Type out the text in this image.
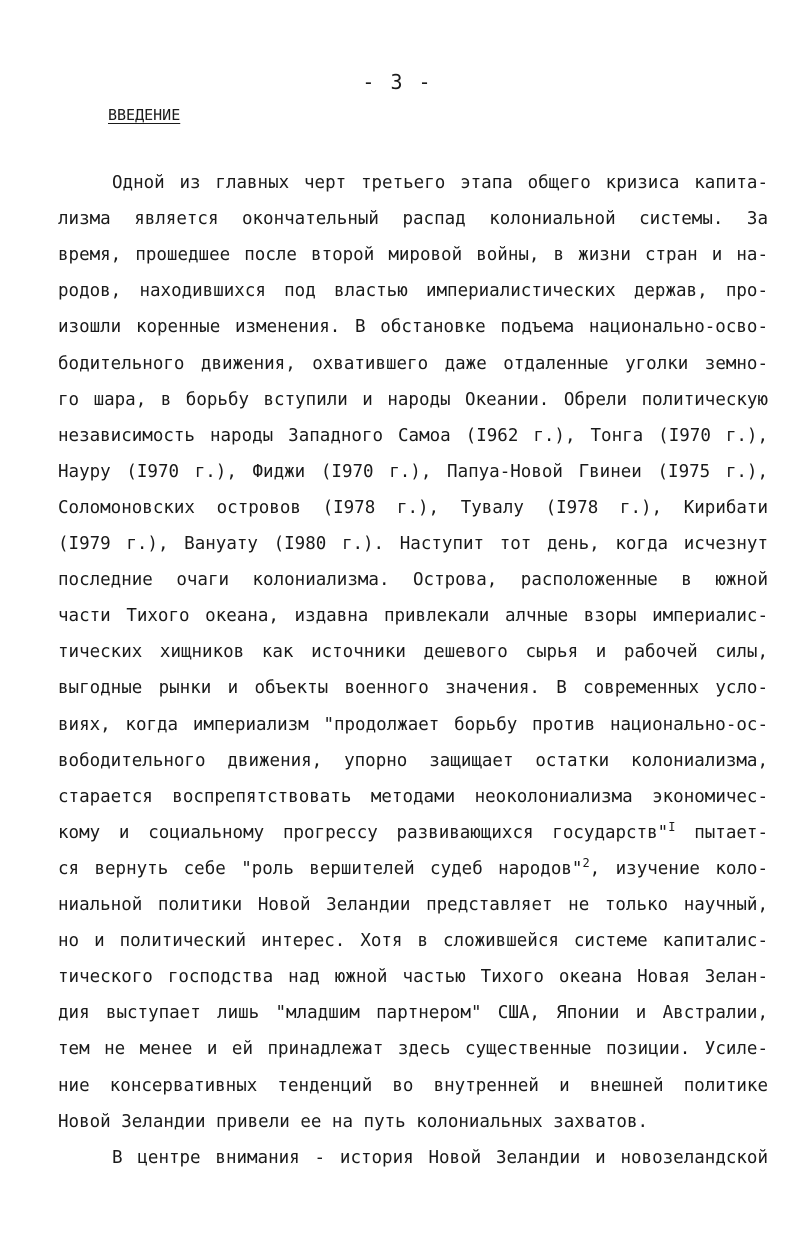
- 3 -
ВВЕДЕНИЕ
Одной из главных черт третьего этапа общего кризиса капита-
лизма является окончательный распад колониальной системы. За
время, прошедшее после второй мировой войны, в жизни стран и на-
родов, находившихся под властью империалистических держав, про-
изошли коренные изменения. В обстановке подъема национально-осво-
бодительного движения, охватившего даже отдаленные уголки земно-
го шара, в борьбу вступили и народы Океании. Обрели политическую
независимость народы Западного Самоа (I962 г.), Тонга (I970 г.),
Науру (I970 г.), Фиджи (I970 г.), Папуа-Новой Гвинеи (I975 г.),
Соломоновских островов (I978 г.), Тувалу (I978 г.), Кирибати
(I979 г.), Вануату (I980 г.). Наступит тот день, когда исчезнут
последние очаги колониализма. Острова, расположенные в южной
части Тихого океана, издавна привлекали алчные взоры империалис-
тических хищников как источники дешевого сырья и рабочей силы,
выгодные рынки и объекты военного значения. В современных усло-
виях, когда империализм "продолжает борьбу против национально-ос-
вободительного движения, упорно защищает остатки колониализма,
старается воспрепятствовать методами неоколониализма экономичес-
кому и социальному прогрессу развивающихся государств"$^I$ пытает-
ся вернуть себе "роль вершителей судеб народов"$^2$, изучение коло-
ниальной политики Новой Зеландии представляет не только научный,
но и политический интерес. Хотя в сложившейся системе капиталис-
тического господства над южной частью Тихого океана Новая Зелан-
дия выступает лишь "младшим партнером" США, Японии и Австралии,
тем не менее и ей принадлежат здесь существенные позиции. Усиле-
ние консервативных тенденций во внутренней и внешней политике
Новой Зеландии привели ее на путь колониальных захватов.
В центре внимания - история Новой Зеландии и новозеландской
